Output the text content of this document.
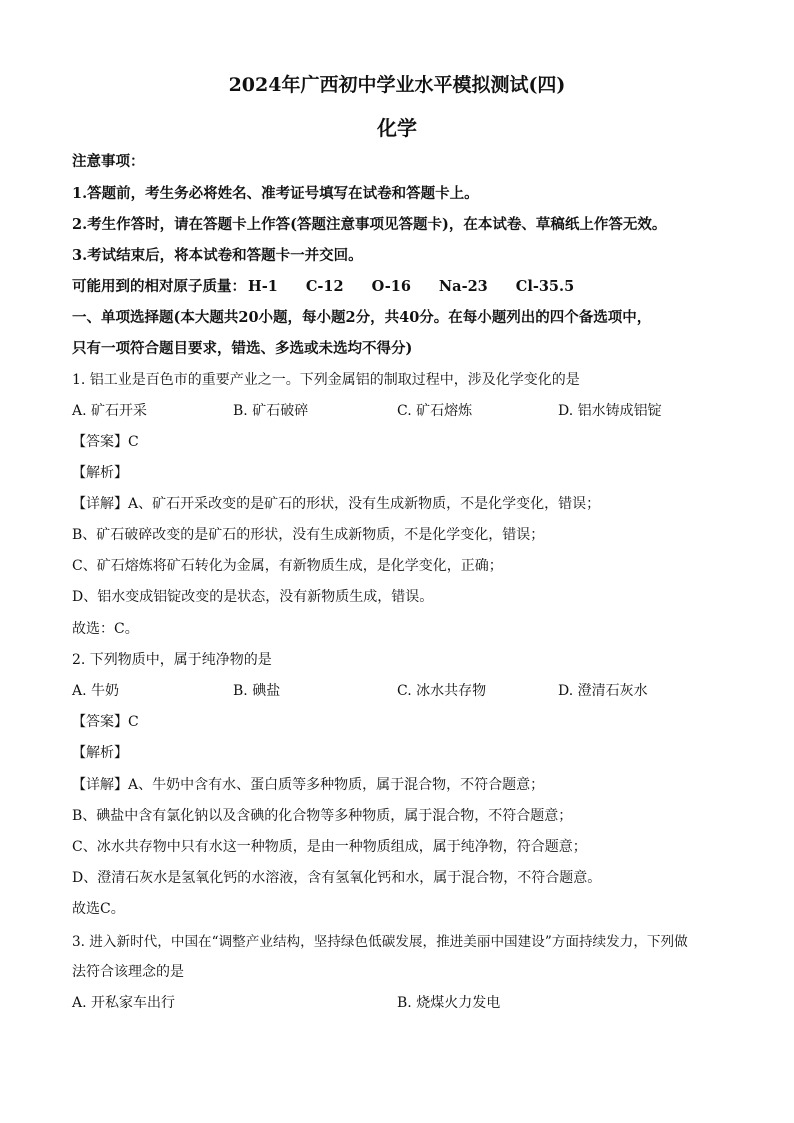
2024年广西初中学业水平模拟测试(四)
化学
注意事项：
1.答题前，考生务必将姓名、准考证号填写在试卷和答题卡上。
2.考生作答时，请在答题卡上作答(答题注意事项见答题卡)，在本试卷、草稿纸上作答无效。
3.考试结束后，将本试卷和答题卡一并交回。
可能用到的相对原子质量： H-1 C-12 O-16 Na-23 Cl-35.5
一、单项选择题(本大题共20小题，每小题2分，共40分。在每小题列出的四个备选项中，
只有一项符合题目要求，错选、多选或未选均不得分)
1. 铝工业是百色市的重要产业之一。下列金属铝的制取过程中，涉及化学变化的是
A. 矿石开采	B. 矿石破碎	C. 矿石熔炼	D. 铝水铸成铝锭
【答案】C
【解析】
【详解】A、矿石开采改变的是矿石的形状，没有生成新物质，不是化学变化，错误；
B、矿石破碎改变的是矿石的形状，没有生成新物质，不是化学变化，错误；
C、矿石熔炼将矿石转化为金属，有新物质生成，是化学变化，正确；
D、铝水变成铝锭改变的是状态，没有新物质生成，错误。
故选：C。
2. 下列物质中，属于纯净物的是
A. 牛奶	B. 碘盐	C. 冰水共存物	D. 澄清石灰水
【答案】C
【解析】
【详解】A、牛奶中含有水、蛋白质等多种物质，属于混合物，不符合题意；
B、碘盐中含有氯化钠以及含碘的化合物等多种物质，属于混合物，不符合题意；
C、冰水共存物中只有水这一种物质，是由一种物质组成，属于纯净物，符合题意；
D、澄清石灰水是氢氧化钙的水溶液，含有氢氧化钙和水，属于混合物，不符合题意。
故选C。
3. 进入新时代，中国在“调整产业结构，坚持绿色低碳发展，推进美丽中国建设”方面持续发力，下列做
法符合该理念的是
A. 开私家车出行	B. 烧煤火力发电
